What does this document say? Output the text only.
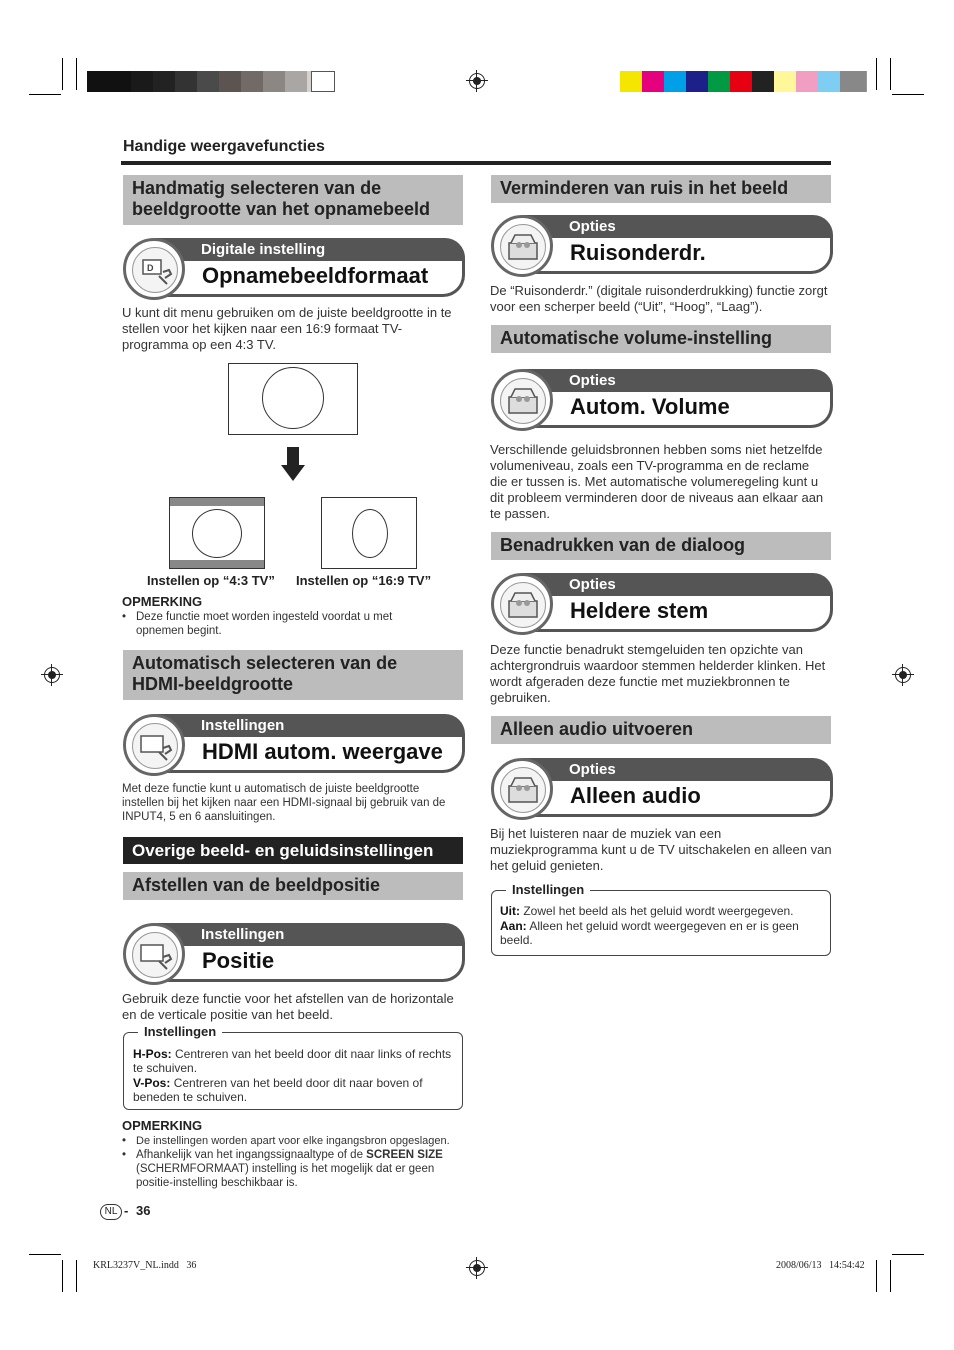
Handige weergavefuncties
Handmatig selecteren van de beeldgrootte van het opnamebeeld
Digitale instelling
Opnamebeeldformaat
D
U kunt dit menu gebruiken om de juiste beeldgrootte in te stellen voor het kijken naar een 16:9 formaat TV-programma op een 4:3 TV.
Instellen op “4:3 TV” Instellen op “16:9 TV”
OPMERKING
• Deze functie moet worden ingesteld voordat u met opnemen begint.
Automatisch selecteren van de HDMI-beeldgrootte
Instellingen
HDMI autom. weergave
Met deze functie kunt u automatisch de juiste beeldgrootte instellen bij het kijken naar een HDMI-signaal bij gebruik van de INPUT4, 5 en 6 aansluitingen.
Overige beeld- en geluidsinstellingen
Afstellen van de beeldpositie
Instellingen
Positie
Gebruik deze functie voor het afstellen van de horizontale en de verticale positie van het beeld.
Instellingen
H-Pos: Centreren van het beeld door dit naar links of rechts te schuiven.
V-Pos: Centreren van het beeld door dit naar boven of beneden te schuiven.
OPMERKING
• De instellingen worden apart voor elke ingangsbron opgeslagen.
• Afhankelijk van het ingangssignaaltype of de SCREEN SIZE (SCHERMFORMAAT) instelling is het mogelijk dat er geen positie-instelling beschikbaar is.
Verminderen van ruis in het beeld
Opties
Ruisonderdr.
De “Ruisonderdr.” (digitale ruisonderdrukking) functie zorgt voor een scherper beeld (“Uit”, “Hoog”, “Laag”).
Automatische volume-instelling
Opties
Autom. Volume
Verschillende geluidsbronnen hebben soms niet hetzelfde volumeniveau, zoals een TV-programma en de reclame die er tussen is. Met automatische volumeregeling kunt u dit probleem verminderen door de niveaus aan elkaar aan te passen.
Benadrukken van de dialoog
Opties
Heldere stem
Deze functie benadrukt stemgeluiden ten opzichte van achtergrondruis waardoor stemmen helderder klinken. Het wordt afgeraden deze functie met muziekbronnen te gebruiken.
Alleen audio uitvoeren
Opties
Alleen audio
Bij het luisteren naar de muziek van een muziekprogramma kunt u de TV uitschakelen en alleen van het geluid genieten.
Instellingen
Uit: Zowel het beeld als het geluid wordt weergegeven.
Aan: Alleen het geluid wordt weergegeven en er is geen beeld.
NL - 36
KRL3237V_NL.indd   36	2008/06/13   14:54:42
